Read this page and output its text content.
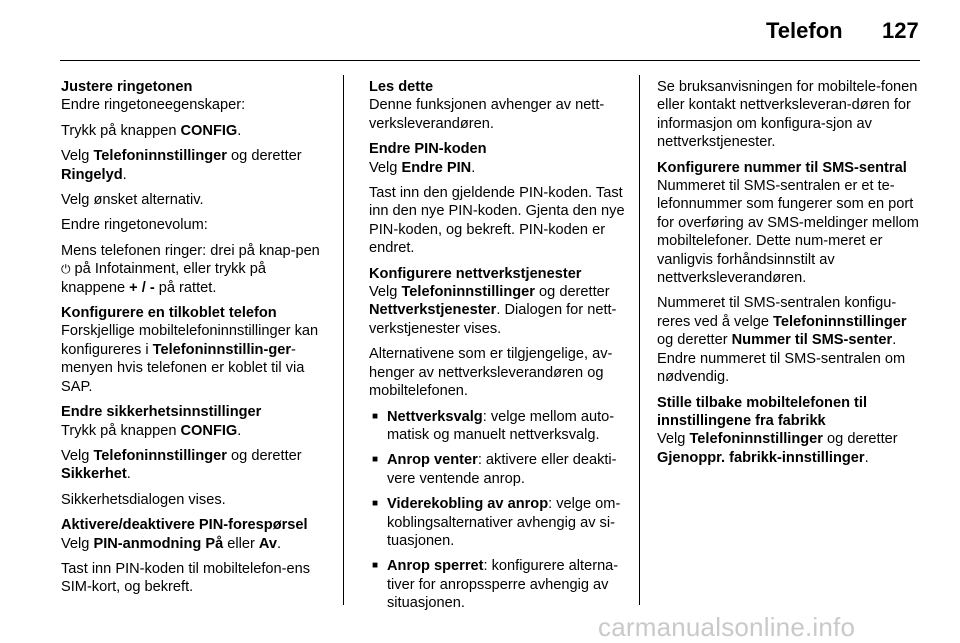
Telefon 127
Justere ringetonen

Endre ringetoneegenskaper:

Trykk på knappen CONFIG.

Velg Telefoninnstillinger og deretter Ringelyd.

Velg ønsket alternativ.

Endre ringetonevolum:

Mens telefonen ringer: drei på knap-pen ⏻ på Infotainment, eller trykk på knappene + / - på rattet.

Konfigurere en tilkoblet telefon

Forskjellige mobiltelefoninnstillinger kan konfigureres i Telefoninnstillin-ger-menyen hvis telefonen er koblet til via SAP.

Endre sikkerhetsinnstillinger

Trykk på knappen CONFIG.

Velg Telefoninnstillinger og deretter Sikkerhet.

Sikkerhetsdialogen vises.

Aktivere/deaktivere PIN-forespørsel

Velg PIN-anmodning På eller Av.

Tast inn PIN-koden til mobiltelefon-ens SIM-kort, og bekreft.

Les dette

Denne funksjonen avhenger av nett-verksleverandøren.

Endre PIN-koden

Velg Endre PIN.

Tast inn den gjeldende PIN-koden. Tast inn den nye PIN-koden. Gjenta den nye PIN-koden, og bekreft. PIN-koden er endret.

Konfigurere nettverkstjenester

Velg Telefoninnstillinger og deretter Nettverkstjenester. Dialogen for nett-verkstjenester vises.

Alternativene som er tilgjengelige, av-henger av nettverksleverandøren og mobiltelefonen.

■ Nettverksvalg: velge mellom auto-matisk og manuelt nettverksvalg.
■ Anrop venter: aktivere eller deakti-vere ventende anrop.
■ Viderekobling av anrop: velge om-koblingsalternativer avhengig av si-tuasjonen.
■ Anrop sperret: konfigurere alterna-tiver for anropssperre avhengig av situasjonen.

Se bruksanvisningen for mobiltele-fonen eller kontakt nettverksleveran-døren for informasjon om konfigura-sjon av nettverkstjenester.

Konfigurere nummer til SMS-sentral

Nummeret til SMS-sentralen er et te-lefonnummer som fungerer som en port for overføring av SMS-meldinger mellom mobiltelefoner. Dette num-meret er vanligvis forhåndsinnstilt av nettverksleverandøren.

Nummeret til SMS-sentralen konfigu-reres ved å velge Telefoninnstillinger og deretter Nummer til SMS-senter. Endre nummeret til SMS-sentralen om nødvendig.

Stille tilbake mobiltelefonen til innstillingene fra fabrikk

Velg Telefoninnstillinger og deretter Gjenoppr. fabrikk-innstillinger.

carmanualsonline.info
